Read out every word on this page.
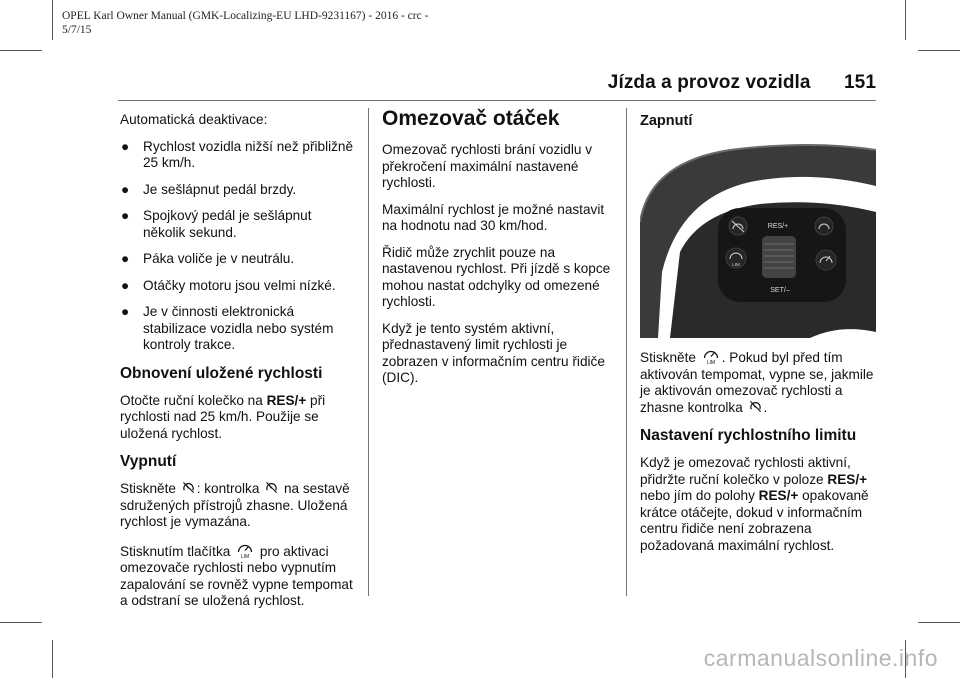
OPEL Karl Owner Manual (GMK-Localizing-EU LHD-9231167) - 2016 - crc -
5/7/15
Jízda a provoz vozidla 151

Automatická deaktivace:

● Rychlost vozidla nižší než přibližně 25 km/h.
● Je sešlápnut pedál brzdy.
● Spojkový pedál je sešlápnut několik sekund.
● Páka voliče je v neutrálu.
● Otáčky motoru jsou velmi nízké.
● Je v činnosti elektronická stabilizace vozidla nebo systém kontroly trakce.
Obnovení uložené rychlosti

Otočte ruční kolečko na RES/+ při rychlosti nad 25 km/h. Použije se uložená rychlost.

Vypnutí

Stiskněte : kontrolka  na sestavě sdružených přístrojů zhasne. Uložená rychlost je vymazána.

Stisknutím tlačítka LIM pro aktivaci omezovače rychlosti nebo vypnutím zapalování se rovněž vypne tempomat a odstraní se uložená rychlost.

Omezovač otáček

Omezovač rychlosti brání vozidlu v překročení maximální nastavené rychlosti.

Maximální rychlost je možné nastavit na hodnotu nad 30 km/hod.

Řidič může zrychlit pouze na nastavenou rychlost. Při jízdě s kopce mohou nastat odchylky od omezené rychlosti.

Když je tento systém aktivní, přednastavený limit rychlosti je zobrazen v informačním centru řidiče (DIC).

Zapnutí
RES/+
SET/–
LIM

Stiskněte LIM . Pokud byl před tím aktivován tempomat, vypne se, jakmile je aktivován omezovač rychlosti a zhasne kontrolka .

Nastavení rychlostního limitu

Když je omezovač rychlosti aktivní, přidržte ruční kolečko v poloze RES/+ nebo jím do polohy RES/+ opakovaně krátce otáčejte, dokud v informačním centru řidiče není zobrazena požadovaná maximální rychlost.

carmanualsonline.info
